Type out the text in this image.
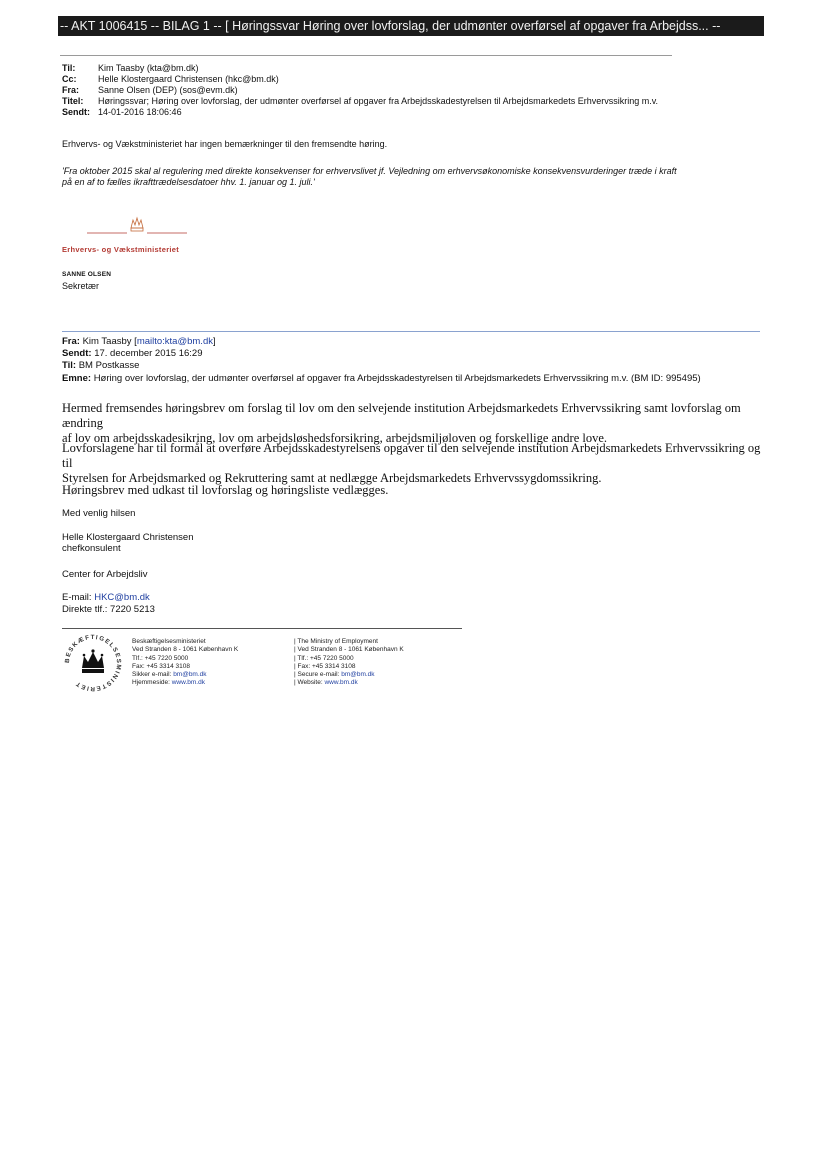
-- AKT 1006415 -- BILAG 1 -- [ Høringssvar Høring over lovforslag, der udmønter overførsel af opgaver fra Arbejdss... --
Til:	Kim Taasby (kta@bm.dk)
Cc: Helle Klostergaard Christensen (hkc@bm.dk)
Fra: Sanne Olsen (DEP) (sos@evm.dk)
Titel: Høringssvar; Høring over lovforslag, der udmønter overførsel af opgaver fra Arbejdsskadestyrelsen til Arbejdsmarkedets Erhvervssikring m.v.
Sendt: 14-01-2016 18:06:46
Erhvervs- og Vækstministeriet har ingen bemærkninger til den fremsendte høring.
'Fra oktober 2015 skal al regulering med direkte konsekvenser for erhvervslivet jf. Vejledning om erhvervsøkonomiske konsekvensvurderinger træde i kraft
på en af to fælles ikrafttrædelsesdatoer hhv. 1. januar og 1. juli.'
Erhvervs- og Vækstministeriet
SANNE OLSEN
Sekretær
Fra: Kim Taasby [mailto:kta@bm.dk]
Sendt: 17. december 2015 16:29
Til: BM Postkasse
Emne: Høring over lovforslag, der udmønter overførsel af opgaver fra Arbejdsskadestyrelsen til Arbejdsmarkedets Erhvervssikring m.v. (BM ID: 995495)
Hermed fremsendes høringsbrev om forslag til lov om den selvejende institution Arbejdsmarkedets Erhvervssikring samt lovforslag om ændring
af lov om arbejdsskadesikring, lov om arbejdsløshedsforsikring, arbejdsmiljøloven og forskellige andre love.
Lovforslagene har til formål at overføre Arbejdsskadestyrelsens opgaver til den selvejende institution Arbejdsmarkedets Erhvervssikring og til
Styrelsen for Arbejdsmarked og Rekruttering samt at nedlægge Arbejdsmarkedets Erhvervssygdomssikring.
Høringsbrev med udkast til lovforslag og høringsliste vedlægges.
Med venlig hilsen
Helle Klostergaard Christensen
chefkonsulent
Center for Arbejdsliv
E-mail: HKC@bm.dk
Direkte tlf.: 7220 5213
BESKÆFTIGELSESMINISTERIET
Beskæftigelsesministeriet
Ved Stranden 8 - 1061 København K
Tlf.: +45 7220 5000
Fax: +45 3314 3108
Sikker e-mail: bm@bm.dk
Hjemmeside: www.bm.dk
| The Ministry of Employment
| Ved Stranden 8 - 1061 København K
| Tlf.: +45 7220 5000
| Fax: +45 3314 3108
| Secure e-mail: bm@bm.dk
| Website: www.bm.dk
